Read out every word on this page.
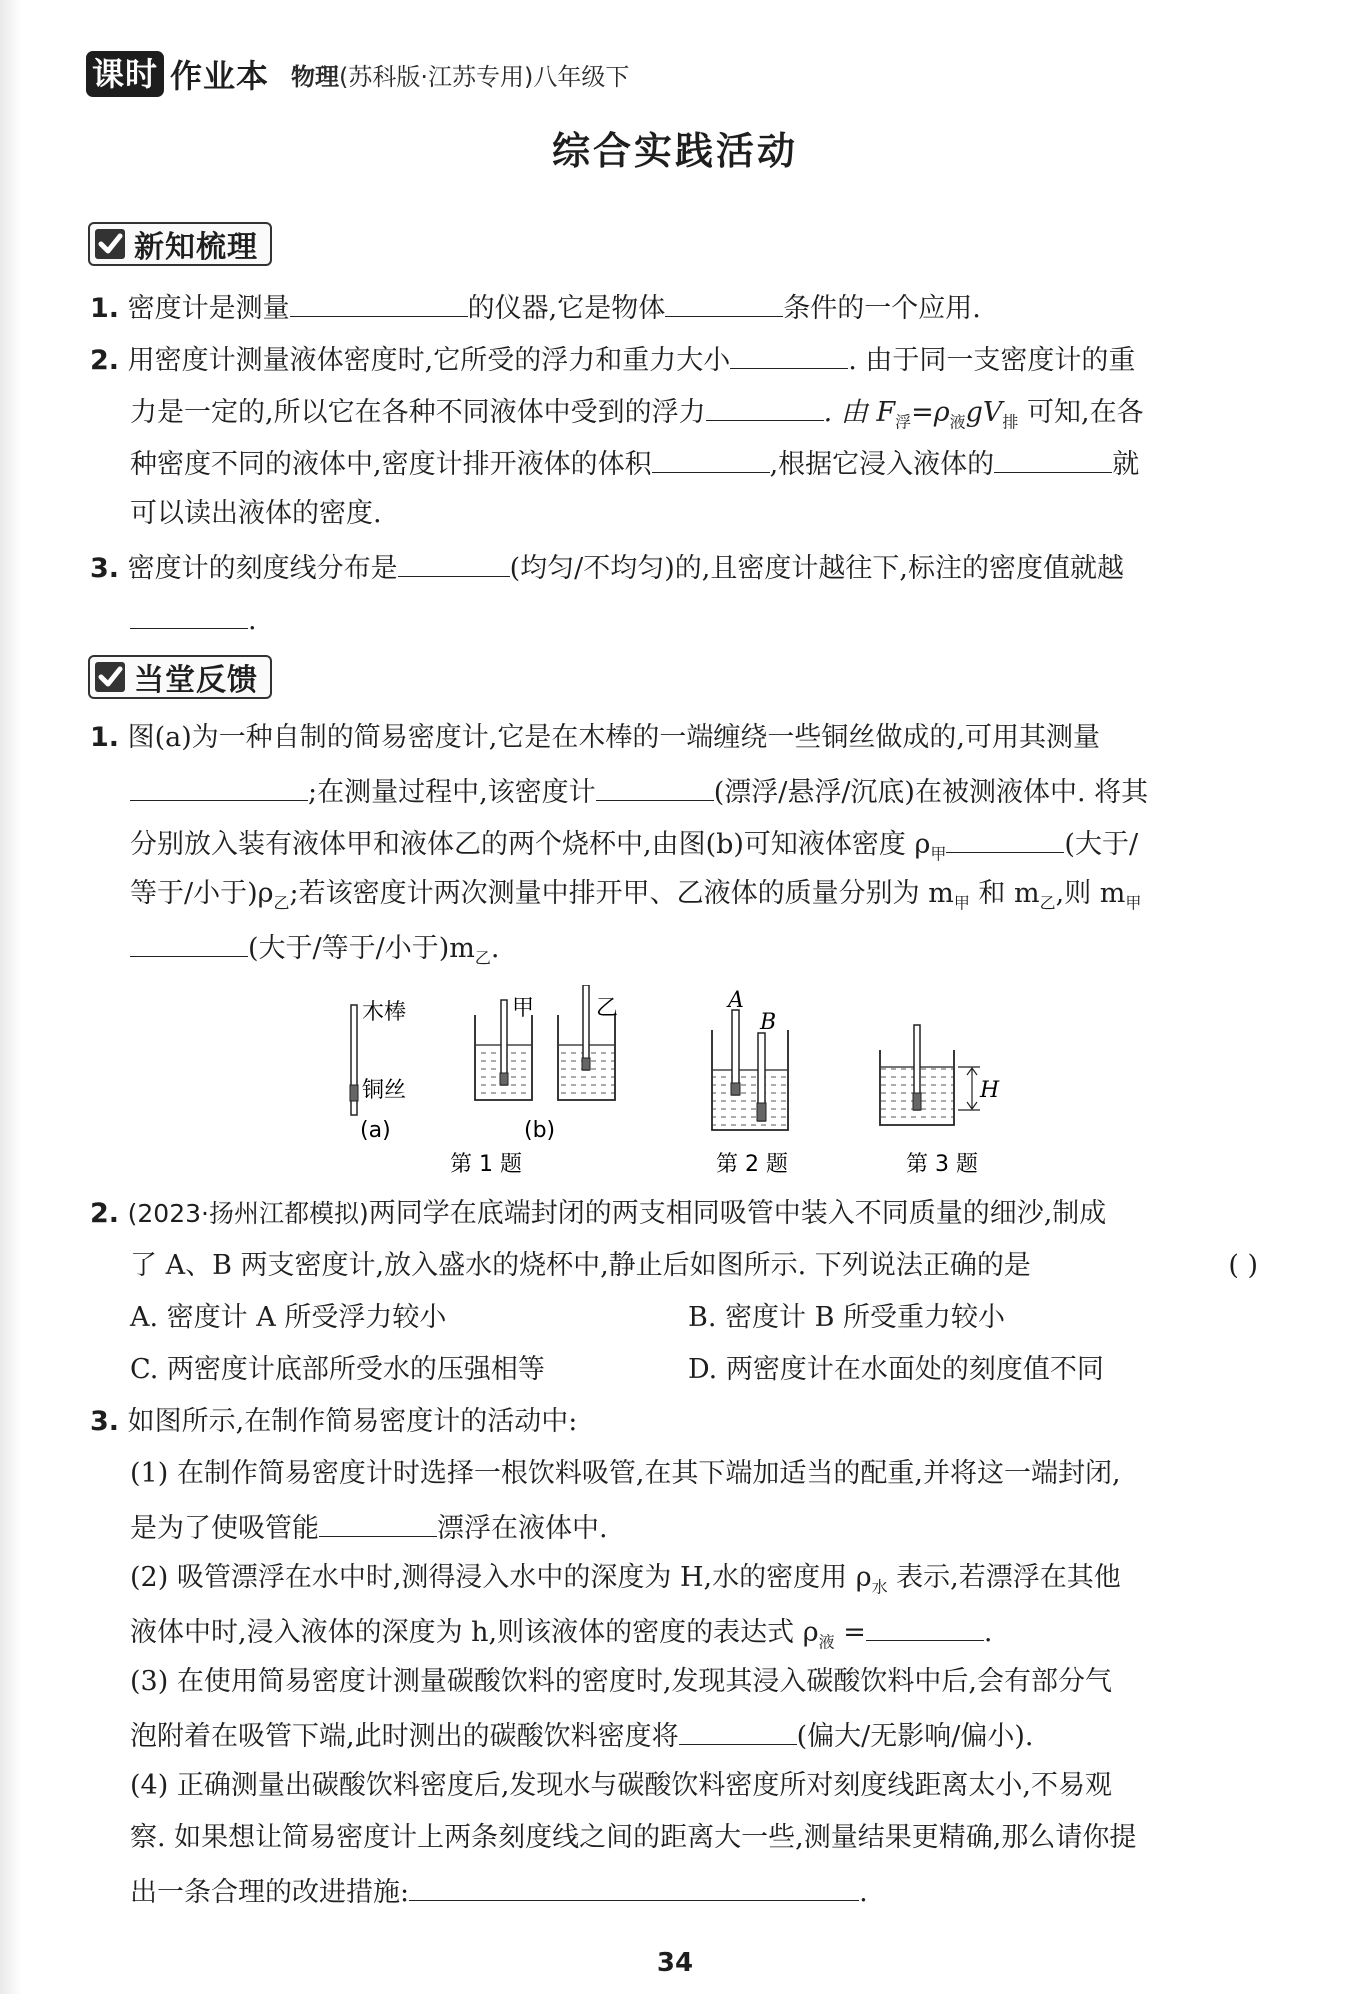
课时 作业本 物理(苏科版·江苏专用)八年级下
综合实践活动
新知梳理
1. 密度计是测量	的仪器,它是物体	条件的一个应用.
2. 用密度计测量液体密度时,它所受的浮力和重力大小	. 由于同一支密度计的重
力是一定的,所以它在各种不同液体中受到的浮力	. 由 $F_浮=\rho_液gV_排$ 可知,在各
种密度不同的液体中,密度计排开液体的体积	,根据它浸入液体的	就
可以读出液体的密度.
3. 密度计的刻度线分布是	(均匀/不均匀)的,且密度计越往下,标注的密度值就越
.
当堂反馈
1. 图(a)为一种自制的简易密度计,它是在木棒的一端缠绕一些铜丝做成的,可用其测量
;在测量过程中,该密度计	(漂浮/悬浮/沉底)在被测液体中. 将其
分别放入装有液体甲和液体乙的两个烧杯中,由图(b)可知液体密度 $\rho_甲$	(大于/
等于/小于)$\rho_乙$;若该密度计两次测量中排开甲、乙液体的质量分别为 $m_甲$ 和 $m_乙$,则 $m_甲$
(大于/等于/小于)$m_乙$.
木棒
铜丝
(a)
甲	乙
(b)
A
B
H
第 1 题	第 2 题	第 3 题
2. (2023·扬州江都模拟)两同学在底端封闭的两支相同吸管中装入不同质量的细沙,制成
了 A、B 两支密度计,放入盛水的烧杯中,静止后如图所示. 下列说法正确的是	( )
A. 密度计 A 所受浮力较小	B. 密度计 B 所受重力较小
C. 两密度计底部所受水的压强相等	D. 两密度计在水面处的刻度值不同
3. 如图所示,在制作简易密度计的活动中:
(1) 在制作简易密度计时选择一根饮料吸管,在其下端加适当的配重,并将这一端封闭,
是为了使吸管能	漂浮在液体中.
(2) 吸管漂浮在水中时,测得浸入水中的深度为 H,水的密度用 $\rho_水$ 表示,若漂浮在其他
液体中时,浸入液体的深度为 h,则该液体的密度的表达式 $\rho_液$ =	.
(3) 在使用简易密度计测量碳酸饮料的密度时,发现其浸入碳酸饮料中后,会有部分气
泡附着在吸管下端,此时测出的碳酸饮料密度将	(偏大/无影响/偏小).
(4) 正确测量出碳酸饮料密度后,发现水与碳酸饮料密度所对刻度线距离太小,不易观
察. 如果想让简易密度计上两条刻度线之间的距离大一些,测量结果更精确,那么请你提
出一条合理的改进措施:	.
34
